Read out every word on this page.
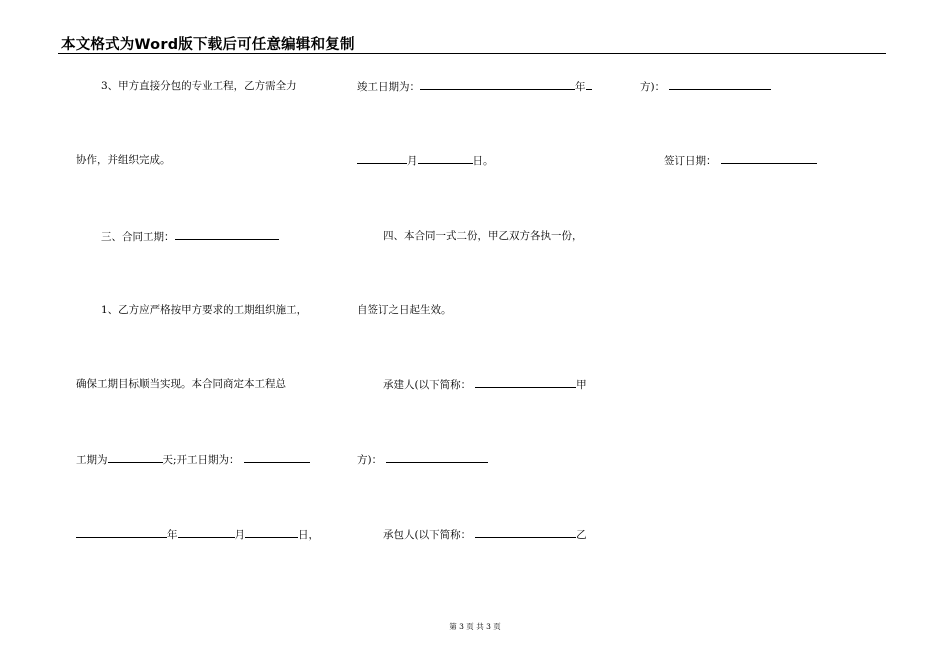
本文格式为Word版下载后可任意编辑和复制
3、甲方直接分包的专业工程，乙方需全力
协作，并组织完成。
三、合同工期：
1、乙方应严格按甲方要求的工期组织施工，
确保工期目标顺当实现。本合同商定本工程总
工期为	天;开工日期为：
年	月	日，
竣工日期为：	年
月	日。
四、本合同一式二份，甲乙双方各执一份，
自签订之日起生效。
承建人(以下简称：	甲
方)：
承包人(以下简称：	乙
方)：
签订日期：
第 3 页 共 3 页
